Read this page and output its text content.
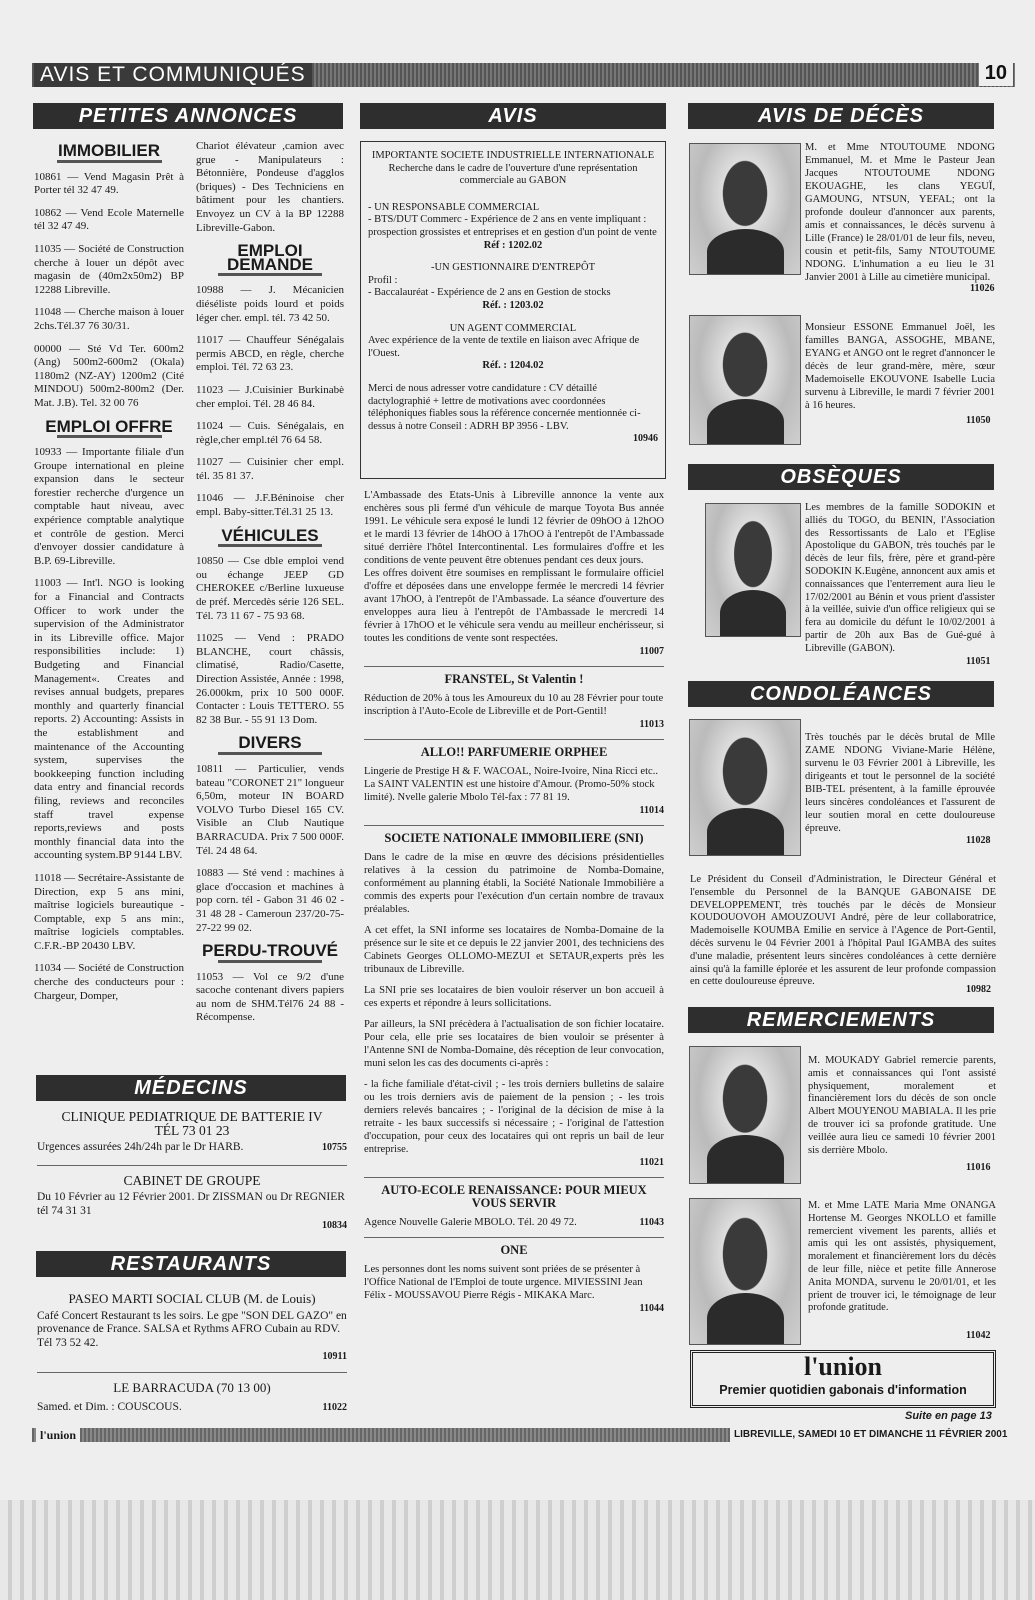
AVIS ET COMMUNIQUÉS	10
PETITES ANNONCES
IMMOBILIER

10861 — Vend Magasin Prêt à Porter tél 32 47 49.

10862 — Vend Ecole Maternelle tél 32 47 49.

11035 — Société de Construction cherche à louer un dépôt avec magasin de (40m2x50m2) BP 12288 Libreville.

11048 — Cherche maison à louer 2chs.Tél.37 76 30/31.

00000 — Sté Vd Ter. 600m2 (Ang) 500m2-600m2 (Okala) 1180m2 (NZ-AY) 1200m2 (Cité MINDOU) 500m2-800m2 (Der. Mat. J.B). Tel. 32 00 76

EMPLOI OFFRE

10933 — Importante filiale d'un Groupe international en pleine expansion dans le secteur forestier recherche d'urgence un comptable haut niveau, avec expérience comptable analytique et contrôle de gestion. Merci d'envoyer dossier candidature à B.P. 69-Libreville.

11003 — Int'l. NGO is looking for a Financial and Contracts Officer to work under the supervision of the Administrator in its Libreville office. Major responsibilities include: 1) Budgeting and Financial Management«. Creates and revises annual budgets, prepares monthly and quarterly financial reports. 2) Accounting: Assists in the establishment and maintenance of the Accounting system, supervises the bookkeeping function including data entry and financial records filing, reviews and reconciles staff travel expense reports,reviews and posts monthly financial data into the accounting system.BP 9144 LBV.

11018 — Secrétaire-Assistante de Direction, exp 5 ans mini, maîtrise logiciels bureautique - Comptable, exp 5 ans min:, maîtrise logiciels comptables. C.F.R.-BP 20430 LBV.

11034 — Société de Construction cherche des conducteurs pour : Chargeur, Domper,

Chariot élévateur ,camion avec grue - Manipulateurs : Bétonnière, Pondeuse d'agglos (briques) - Des Techniciens en bâtiment pour les chantiers. Envoyez un CV à la BP 12288 Libreville-Gabon.

EMPLOI DEMANDE

10988 — J. Mécanicien diéséliste poids lourd et poids léger cher. empl. tél. 73 42 50.

11017 — Chauffeur Sénégalais permis ABCD, en règle, cherche emploi. Tél. 72 63 23.

11023 — J.Cuisinier Burkinabè cher emploi. Tél. 28 46 84.

11024 — Cuis. Sénégalais, en règle,cher empl.tél 76 64 58.

11027 — Cuisinier cher empl. tél. 35 81 37.

11046 — J.F.Béninoise cher empl. Baby-sitter.Tél.31 25 13.

VÉHICULES

10850 — Cse dble emploi vend ou échange JEEP GD CHEROKEE c/Berline luxueuse de préf. Mercedès série 126 SEL. Tél. 73 11 67 - 75 93 68.

11025 — Vend : PRADO BLANCHE, court châssis, climatisé, Radio/Casette, Direction Assistée, Année : 1998, 26.000km, prix 10 500 000F. Contacter : Louis TETTERO. 55 82 38 Bur. - 55 91 13 Dom.

DIVERS

10811 — Particulier, vends bateau "CORONET 21" longueur 6,50m, moteur IN BOARD VOLVO Turbo Diesel 165 CV. Visible an Club Nautique BARRACUDA. Prix 7 500 000F. Tél. 24 48 64.

10883 — Sté vend : machines à glace d'occasion et machines à pop corn. tél - Gabon 31 46 02 - 31 48 28 - Cameroun 237/20-75-27-22 99 02.

PERDU-TROUVÉ

11053 — Vol ce 9/2 d'une sacoche contenant divers papiers au nom de SHM.Tél76 24 88 - Récompense.

MÉDECINS
CLINIQUE PEDIATRIQUE DE BATTERIE IV
TÉL 73 01 23
10755
Urgences assurées 24h/24h par le Dr HARB.
CABINET DE GROUPE
Du 10 Février au 12 Février 2001. Dr ZISSMAN ou Dr REGNIER tél 74 31 31
10834
RESTAURANTS
PASEO MARTI SOCIAL CLUB (M. de Louis)
Café Concert Restaurant ts les soirs. Le gpe "SON DEL GAZO" en provenance de France. SALSA et Rythms AFRO Cubain au RDV. Tél 73 52 42.
10911
LE BARRACUDA (70 13 00)
11022
Samed. et Dim. : COUSCOUS.
AVIS
IMPORTANTE SOCIETE INDUSTRIELLE INTERNATIONALE
Recherche dans le cadre de l'ouverture d'une représentation commerciale au GABON
- UN RESPONSABLE COMMERCIAL
- BTS/DUT Commerc - Expérience de 2 ans en vente impliquant : prospection grossistes et entreprises et en gestion d'un point de vente
Réf : 1202.02
-UN GESTIONNAIRE D'ENTREPÔT
Profil :
- Baccalauréat - Expérience de 2 ans en Gestion de stocks
Réf. : 1203.02
UN AGENT COMMERCIAL
Avec expérience de la vente de textile en liaison avec Afrique de l'Ouest.
Réf. : 1204.02
Merci de nous adresser votre candidature : CV détaillé dactylographié + lettre de motivations avec coordonnées téléphoniques fiables sous la référence concernée mentionnée ci-dessus à notre Conseil : ADRH BP 3956 - LBV.
10946
L'Ambassade des Etats-Unis à Libreville annonce la vente aux enchères sous pli fermé d'un véhicule de marque Toyota Bus année 1991. Le véhicule sera exposé le lundi 12 février de 09hOO à 12hOO et le mardi 13 février de 14hOO à 17hOO à l'entrepôt de l'Ambassade situé derrière l'hôtel Intercontinental. Les formulaires d'offre et les conditions de vente peuvent être obtenues pendant ces deux jours.
Les offres doivent être soumises en remplissant le formulaire officiel d'offre et déposées dans une enveloppe fermée le mercredi 14 février avant 17hOO, à l'entrepôt de l'Ambassade. La séance d'ouverture des enveloppes aura lieu à l'entrepôt de l'Ambassade le mercredi 14 février à 17hOO et le véhicule sera vendu au meilleur enchérisseur, si toutes les conditions de vente sont respectées.
11007
FRANSTEL, St Valentin !
Réduction de 20% à tous les Amoureux du 10 au 28 Février pour toute inscription à l'Auto-Ecole de Libreville et de Port-Gentil!
11013
ALLO!! PARFUMERIE ORPHEE
Lingerie de Prestige H & F. WACOAL, Noire-Ivoire, Nina Ricci etc.. La SAINT VALENTIN est une histoire d'Amour. (Promo-50% stock limité). Nvelle galerie Mbolo Tél-fax : 77 81 19.
11014
SOCIETE NATIONALE IMMOBILIERE (SNI)
Dans le cadre de la mise en œuvre des décisions présidentielles relatives à la cession du patrimoine de Nomba-Domaine, conformément au planning établi, la Société Nationale Immobilière a commis des experts pour l'exécution d'un certain nombre de travaux préalables.
A cet effet, la SNI informe ses locataires de Nomba-Domaine de la présence sur le site et ce depuis le 22 janvier 2001, des techniciens des Cabinets Georges OLLOMO-MEZUI et SETAUR,experts près les tribunaux de Libreville.
La SNI prie ses locataires de bien vouloir réserver un bon accueil à ces experts et répondre à leurs sollicitations.
Par ailleurs, la SNI précèdera à l'actualisation de son fichier locataire. Pour cela, elle prie ses locataires de bien vouloir se présenter à l'Antenne SNI de Nomba-Domaine, dès réception de leur convocation, muni selon les cas des documents ci-après :
- la fiche familiale d'état-civil ; - les trois derniers bulletins de salaire ou les trois derniers avis de paiement de la pension ; - les trois derniers relevés bancaires ; - l'original de la décision de mise à la retraite - les baux successifs si nécessaire ; - l'original de l'attestion d'occupation, pour ceux des locataires qui ont repris un bail de leur entreprise.
11021
AUTO-ECOLE RENAISSANCE: POUR MIEUX VOUS SERVIR
11043
Agence Nouvelle Galerie MBOLO. Tél. 20 49 72.
ONE
Les personnes dont les noms suivent sont priées de se présenter à l'Office National de l'Emploi de toute urgence. MIVIESSINI Jean Félix - MOUSSAVOU Pierre Régis - MIKAKA Marc.
11044
AVIS DE DÉCÈS
M. et Mme NTOUTOUME NDONG Emmanuel, M. et Mme le Pasteur Jean Jacques NTOUTOUME NDONG EKOUAGHE, les clans YEGUÏ, GAMOUNG, NTSUN, YEFAL; ont la profonde douleur d'annoncer aux parents, amis et connaissances, le décès survenu à Lille (France) le 28/01/01 de leur fils, neveu, cousin et petit-fils, Samy NTOUTOUME NDONG. L'inhumation a eu lieu le 31 Janvier 2001 à Lille au cimetière municipal.
11026
Monsieur ESSONE Emmanuel Joël, les familles BANGA, ASSOGHE, MBANE, EYANG et ANGO ont le regret d'annoncer le décès de leur grand-mère, mère, sœur Mademoiselle EKOUVONE Isabelle Lucia survenu à Libreville, le mardi 7 février 2001 à 16 heures.
11050
OBSÈQUES
Les membres de la famille SODOKIN et alliés du TOGO, du BENIN, l'Association des Ressortissants de Lalo et l'Eglise Apostolique du GABON, très touchés par le décès de leur fils, frère, père et grand-père SODOKIN K.Eugène, annoncent aux amis et connaissances que l'enterrement aura lieu le 17/02/2001 au Bénin et vous prient d'assister à la veillée, suivie d'un office religieux qui se fera au domicile du défunt le 10/02/2001 à partir de 20h aux Bas de Gué-gué à Libreville (GABON).
11051
CONDOLÉANCES
Très touchés par le décès brutal de Mlle ZAME NDONG Viviane-Marie Hélène, survenu le 03 Février 2001 à Libreville, les dirigeants et tout le personnel de la société BIB-TEL présentent, à la famille éprouvée leurs sincères condoléances et l'assurent de leur soutien moral en cette douloureuse épreuve.
11028
Le Président du Conseil d'Administration, le Directeur Général et l'ensemble du Personnel de la BANQUE GABONAISE DE DEVELOPPEMENT, très touchés par le décès de Monsieur KOUDOUOVOH AMOUZOUVI André, père de leur collaboratrice, Mademoiselle KOUMBA Emilie en service à l'Agence de Port-Gentil, décès survenu le 04 Février 2001 à l'hôpital Paul IGAMBA des suites d'une maladie, présentent leurs sincères condoléances à cette dernière ainsi qu'à la famille éplorée et les assurent de leur profonde compassion en cette douloureuse épreuve.
10982
REMERCIEMENTS
M. MOUKADY Gabriel remercie parents, amis et connaissances qui l'ont assisté physiquement, moralement et financièrement lors du décès de son oncle Albert MOUYENOU MABIALA. Il les prie de trouver ici sa profonde gratitude. Une veillée aura lieu ce samedi 10 février 2001 sis derrière Mbolo.
11016
M. et Mme LATE Maria Mme ONANGA Hortense M. Georges NKOLLO et famille remercient vivement les parents, alliés et amis qui les ont assistés, physiquement, moralement et financièrement lors du décès de leur fille, nièce et petite fille Annerose Anita MONDA, survenu le 20/01/01, et les prient de trouver ici, le témoignage de leur profonde gratitude.
11042
l'union
Premier quotidien gabonais d'information
Suite en page 13
l'union	LIBREVILLE, SAMEDI 10 ET DIMANCHE 11 FÉVRIER 2001
